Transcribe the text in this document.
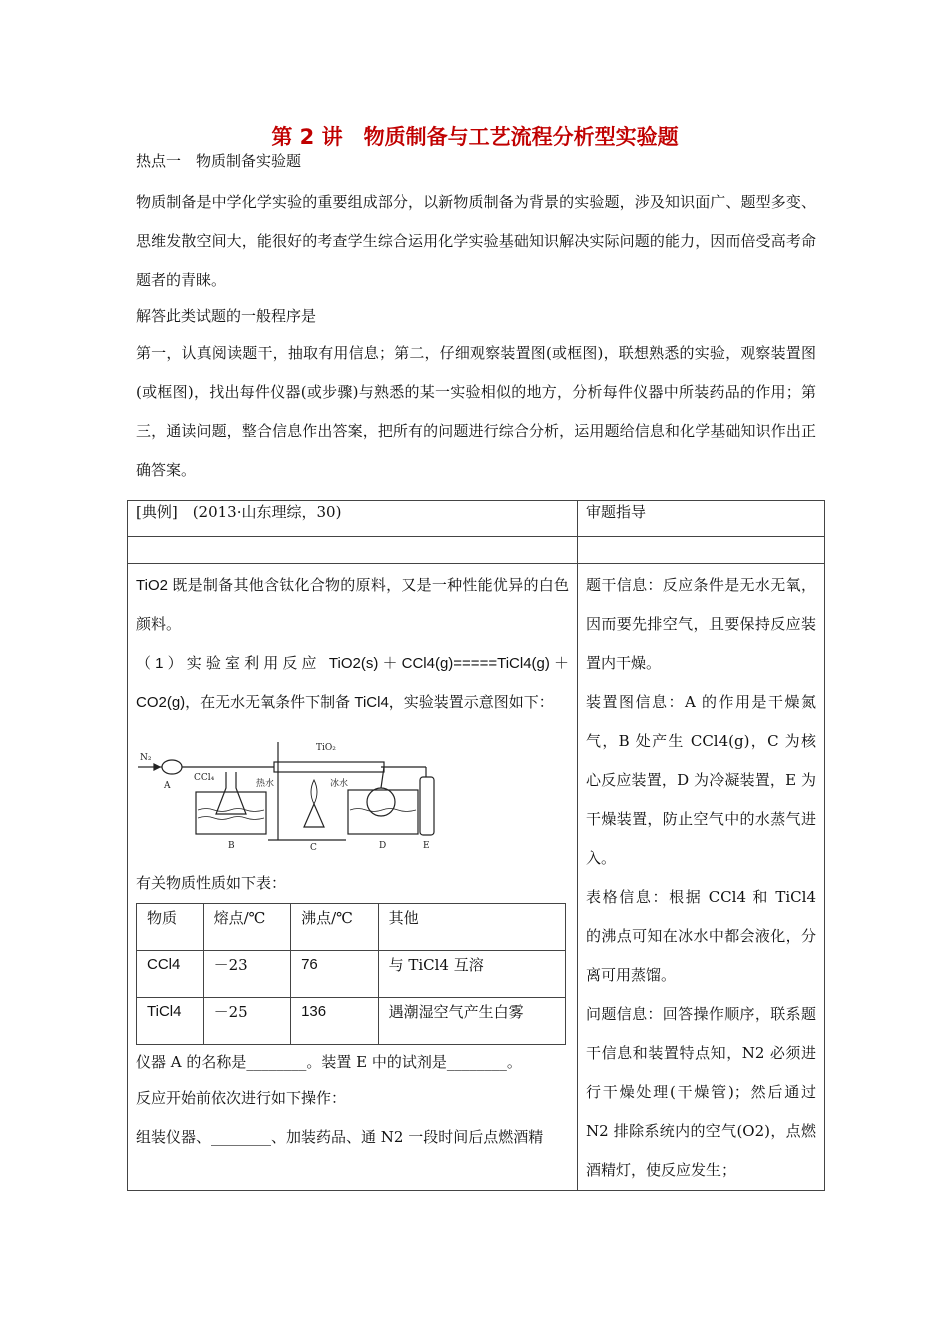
第 2 讲　物质制备与工艺流程分析型实验题

热点一　物质制备实验题

物质制备是中学化学实验的重要组成部分，以新物质制备为背景的实验题，涉及知识面广、题型多变、思维发散空间大，能很好的考查学生综合运用化学实验基础知识解决实际问题的能力，因而倍受高考命题者的青睐。

解答此类试题的一般程序是

第一，认真阅读题干，抽取有用信息；第二，仔细观察装置图(或框图)，联想熟悉的实验，观察装置图(或框图)，找出每件仪器(或步骤)与熟悉的某一实验相似的地方，分析每件仪器中所装药品的作用；第三，通读问题，整合信息作出答案，把所有的问题进行综合分析，运用题给信息和化学基础知识作出正确答案。

[典例]　(2013·山东理综，30)	审题指导

TiO2 既是制备其他含钛化合物的原料，又是一种性能优异的白色颜料。
（1）实验室利用反应 TiO2(s)＋CCl4(g)=====TiCl4(g)＋CO2(g)，在无水无氧条件下制备 TiCl4，实验装置示意图如下：
N₂
A
CCl₄
热水
TiO₂
冰水
B	C	D	E
有关物质性质如下表：
物质	熔点/℃	沸点/℃	其他
CCl4	－23	76	与 TiCl4 互溶
TiCl4	－25	136	遇潮湿空气产生白雾
仪器 A 的名称是________。装置 E 中的试剂是________。
反应开始前依次进行如下操作：
组装仪器、________、加装药品、通 N2 一段时间后点燃酒精

题干信息：反应条件是无水无氧，因而要先排空气，且要保持反应装置内干燥。
装置图信息：A 的作用是干燥氮气，B 处产生 CCl4(g)，C 为核心反应装置，D 为冷凝装置，E 为干燥装置，防止空气中的水蒸气进入。
表格信息：根据 CCl4 和 TiCl4 的沸点可知在冰水中都会液化，分离可用蒸馏。
问题信息：回答操作顺序，联系题干信息和装置特点知，N2 必须进行干燥处理(干燥管)；然后通过 N2 排除系统内的空气(O2)，点燃酒精灯，使反应发生；
